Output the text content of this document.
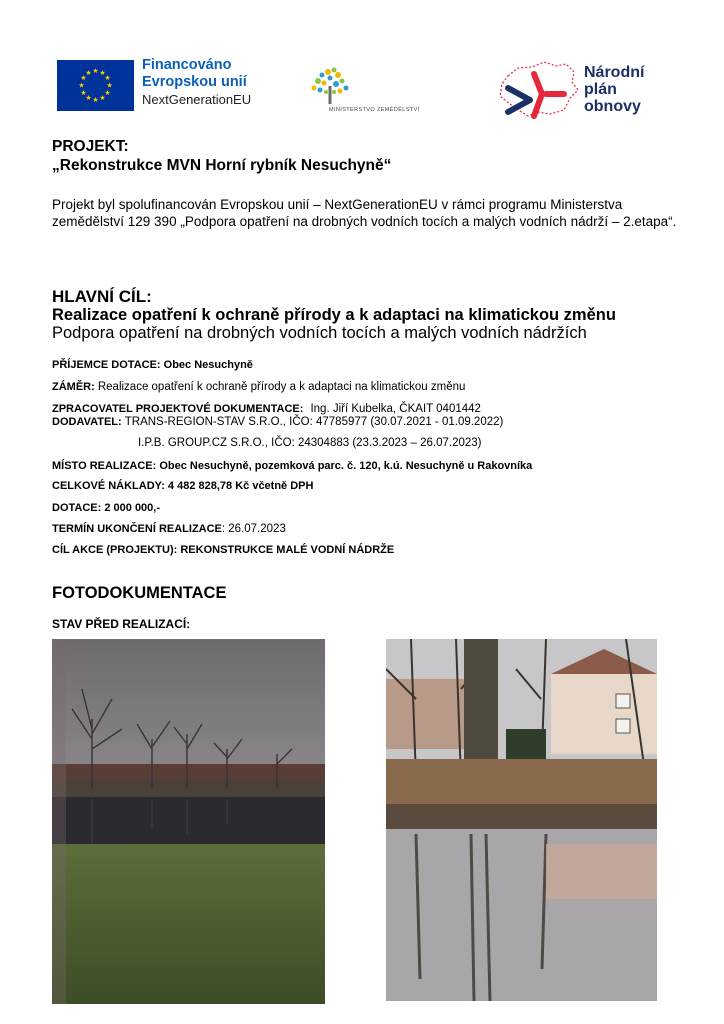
★ ★
★
★
★
★
★
★
★
★
★
★	Financováno
Evropskou unií
NextGenerationEU
MINISTERSTVO ZEMĚDĚLSTVÍ
Národní
plán
obnovy
PROJEKT:
„Rekonstrukce MVN Horní rybník Nesuchyně“
Projekt byl spolufinancován Evropskou unií – NextGenerationEU v rámci programu Ministerstva zemědělství 129 390 „Podpora opatření na drobných vodních tocích a malých vodních nádrží – 2.etapa“.
HLAVNÍ CÍL:
Realizace opatření k ochraně přírody a k adaptaci na klimatickou změnu
Podpora opatření na drobných vodních tocích a malých vodních nádržích
PŘÍJEMCE DOTACE: Obec Nesuchyně
ZÁMĚR: Realizace opatření k ochraně přírody a k adaptaci na klimatickou změnu
ZPRACOVATEL PROJEKTOVÉ DOKUMENTACE: Ing. Jiří Kubelka, ČKAIT 0401442
DODAVATEL: TRANS-REGION-STAV S.R.O., IČO: 47785977 (30.07.2021 - 01.09.2022)
I.P.B. GROUP.CZ S.R.O., IČO: 24304883 (23.3.2023 – 26.07.2023)
MÍSTO REALIZACE: Obec Nesuchyně, pozemková parc. č. 120, k.ú. Nesuchyně u Rakovníka
CELKOVÉ NÁKLADY: 4 482 828,78 Kč včetně DPH
DOTACE: 2 000 000,-
TERMÍN UKONČENÍ REALIZACE: 26.07.2023
CÍL AKCE (PROJEKTU): REKONSTRUKCE MALÉ VODNÍ NÁDRŽE
FOTODOKUMENTACE
STAV PŘED REALIZACÍ:
